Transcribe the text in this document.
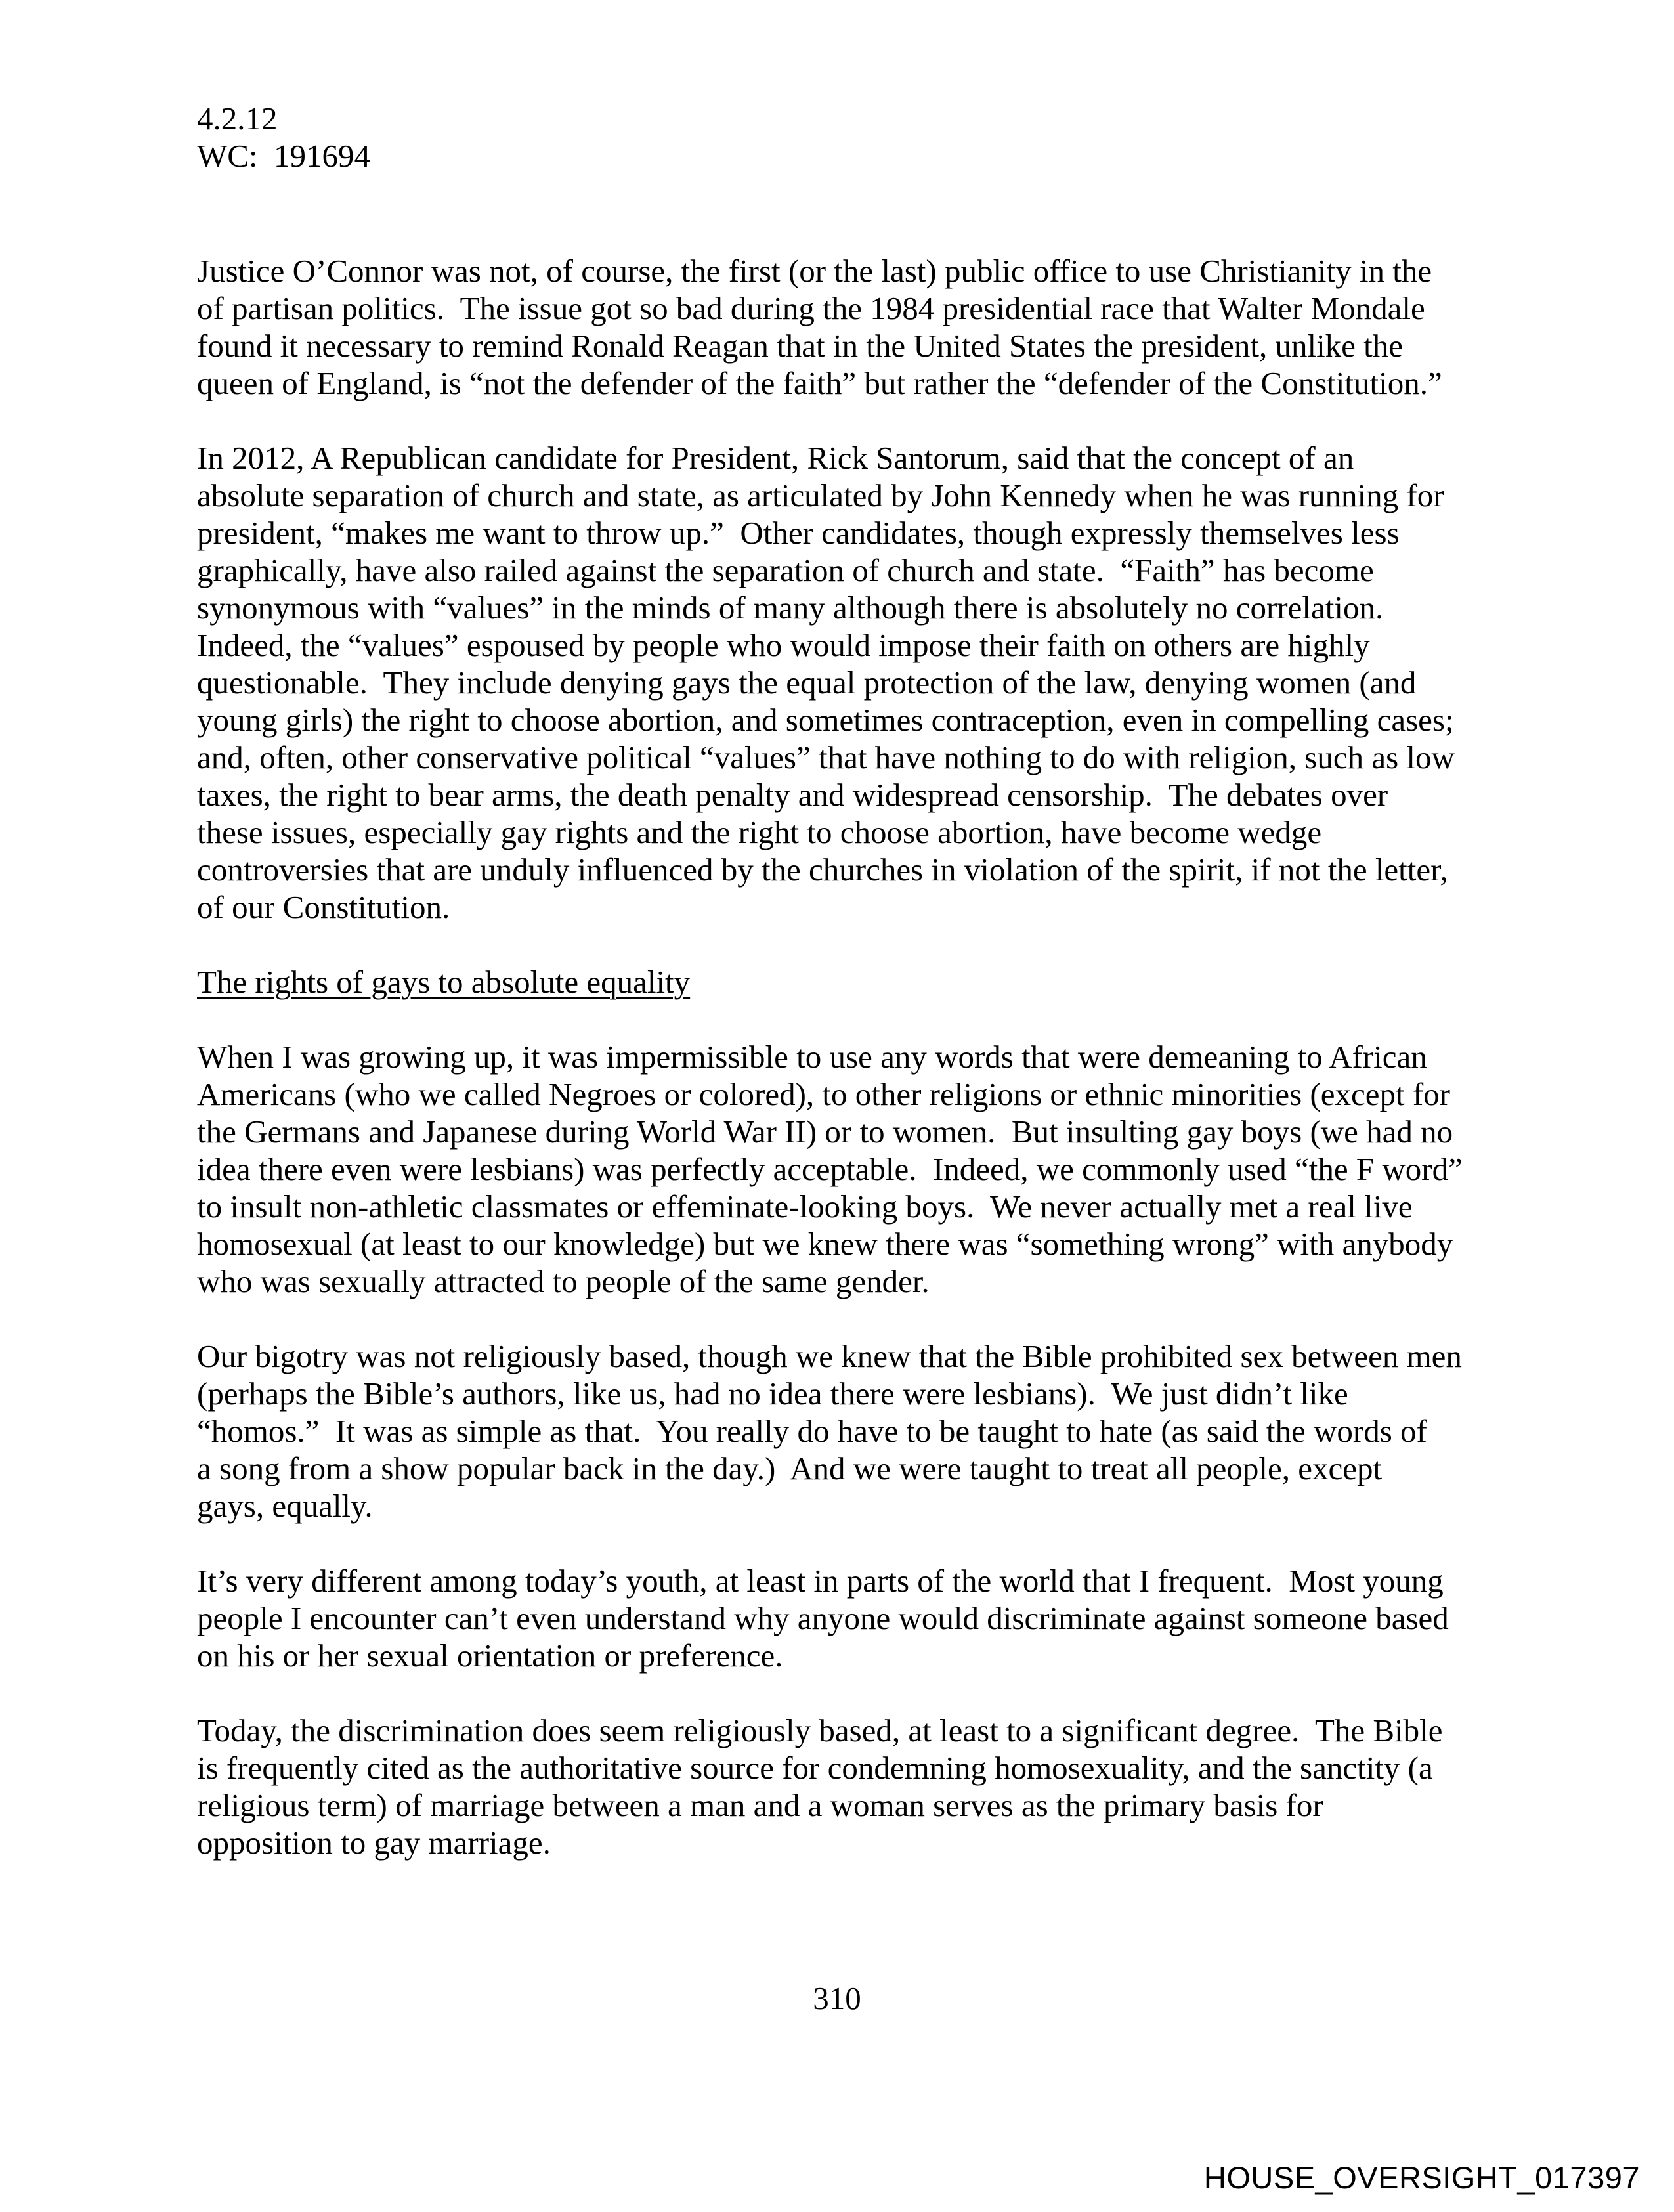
4.2.12
WC:  191694

Justice O’Connor was not, of course, the first (or the last) public office to use Christianity in the
of partisan politics.  The issue got so bad during the 1984 presidential race that Walter Mondale
found it necessary to remind Ronald Reagan that in the United States the president, unlike the
queen of England, is “not the defender of the faith” but rather the “defender of the Constitution.”

In 2012, A Republican candidate for President, Rick Santorum, said that the concept of an
absolute separation of church and state, as articulated by John Kennedy when he was running for
president, “makes me want to throw up.”  Other candidates, though expressly themselves less
graphically, have also railed against the separation of church and state.  “Faith” has become
synonymous with “values” in the minds of many although there is absolutely no correlation.
Indeed, the “values” espoused by people who would impose their faith on others are highly
questionable.  They include denying gays the equal protection of the law, denying women (and
young girls) the right to choose abortion, and sometimes contraception, even in compelling cases;
and, often, other conservative political “values” that have nothing to do with religion, such as low
taxes, the right to bear arms, the death penalty and widespread censorship.  The debates over
these issues, especially gay rights and the right to choose abortion, have become wedge
controversies that are unduly influenced by the churches in violation of the spirit, if not the letter,
of our Constitution.

The rights of gays to absolute equality

When I was growing up, it was impermissible to use any words that were demeaning to African
Americans (who we called Negroes or colored), to other religions or ethnic minorities (except for
the Germans and Japanese during World War II) or to women.  But insulting gay boys (we had no
idea there even were lesbians) was perfectly acceptable.  Indeed, we commonly used “the F word”
to insult non-athletic classmates or effeminate-looking boys.  We never actually met a real live
homosexual (at least to our knowledge) but we knew there was “something wrong” with anybody
who was sexually attracted to people of the same gender.

Our bigotry was not religiously based, though we knew that the Bible prohibited sex between men
(perhaps the Bible’s authors, like us, had no idea there were lesbians).  We just didn’t like
“homos.”  It was as simple as that.  You really do have to be taught to hate (as said the words of
a song from a show popular back in the day.)  And we were taught to treat all people, except
gays, equally.

It’s very different among today’s youth, at least in parts of the world that I frequent.  Most young
people I encounter can’t even understand why anyone would discriminate against someone based
on his or her sexual orientation or preference.

Today, the discrimination does seem religiously based, at least to a significant degree.  The Bible
is frequently cited as the authoritative source for condemning homosexuality, and the sanctity (a
religious term) of marriage between a man and a woman serves as the primary basis for
opposition to gay marriage.

310
HOUSE_OVERSIGHT_017397
